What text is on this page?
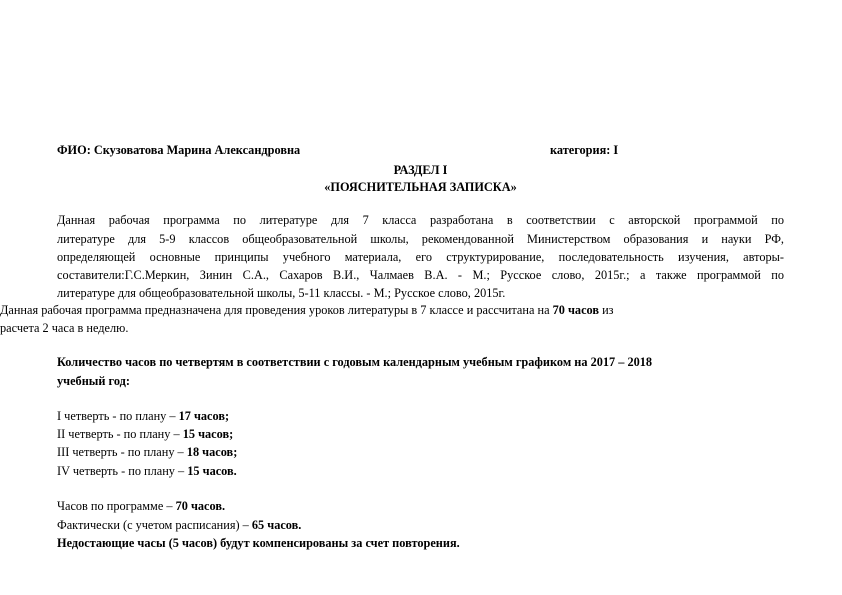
ФИО: Скузоватова Марина Александровна	категория: I
РАЗДЕЛ I
«ПОЯСНИТЕЛЬНАЯ ЗАПИСКА»
Данная рабочая программа по литературе для 7 класса разработана в соответствии с авторской программой по
литературе для 5-9 классов общеобразовательной школы, рекомендованной Министерством образования и науки РФ,
определяющей основные принципы учебного материала, его структурирование, последовательность изучения, авторы-
составители:Г.С.Меркин, Зинин С.А., Сахаров В.И., Чалмаев В.А. - М.; Русское слово, 2015г.; а также программой по
литературе для общеобразовательной школы, 5-11 классы. - М.; Русское слово, 2015г.
Данная рабочая программа предназначена для проведения уроков литературы в 7 классе и рассчитана на 70 часов из
расчета 2 часа в неделю.
Количество часов по четвертям в соответствии с годовым календарным учебным графиком на 2017 – 2018
учебный год:
I четверть - по плану – 17 часов;
II четверть - по плану – 15 часов;
III четверть - по плану – 18 часов;
IV четверть - по плану – 15 часов.
Часов по программе – 70 часов.
Фактически (с учетом расписания) – 65 часов.
Недостающие часы (5 часов) будут компенсированы за счет повторения.
